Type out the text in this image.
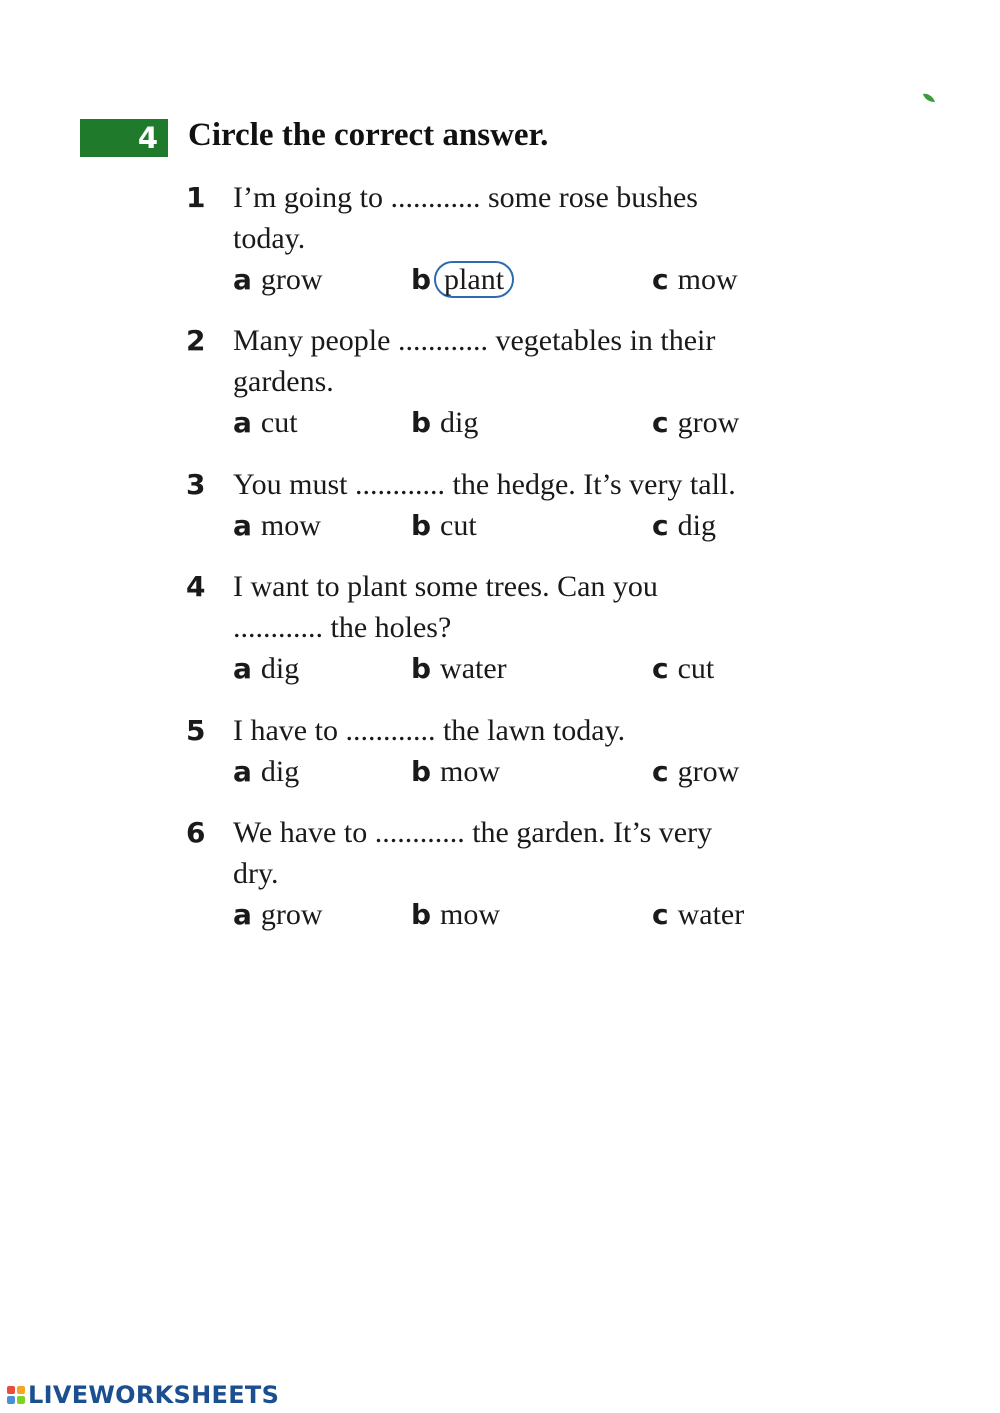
4 Circle the correct answer.
1 I’m going to ............ some rose bushes
today.
a grow	b plant	c mow
2 Many people ............ vegetables in their
gardens.
a cut	b dig	c grow
3 You must ............ the hedge. It’s very tall.
a mow	b cut	c dig
4 I want to plant some trees. Can you
............ the holes?
a dig	b water	c cut
5 I have to ............ the lawn today.
a dig	b mow	c grow
6 We have to ............ the garden. It’s very
dry.
a grow	b mow	c water
LIVEWORKSHEETS
